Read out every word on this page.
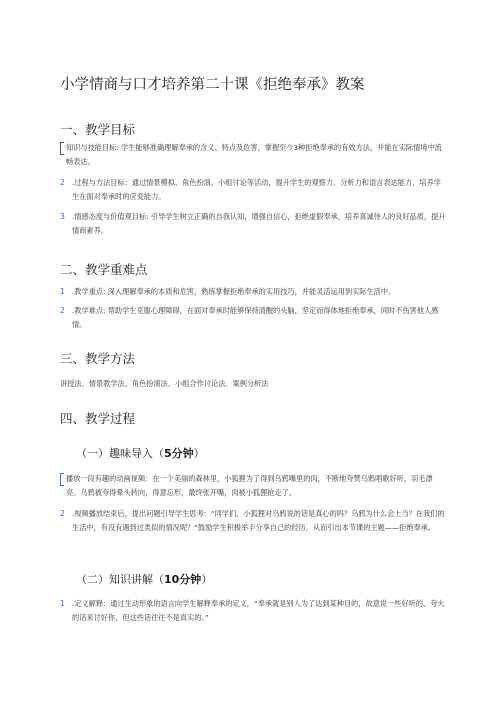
小学情商与口才培养第二十课《拒绝奉承》教案
一、教学目标
知识与技能目标: 学生能够准确理解奉承的含义、特点及危害，掌握至少3种拒绝奉承的有效方法，并能在实际情境中流畅表达。
2 .过程与方法目标：通过情景模拟、角色扮演、小组讨论等活动，提升学生的观察力、分析力和语言表达能力，培养学生在面对奉承时的应变能力。
3 .情感态度与价值观目标: 引导学生树立正确的自我认知，增强自信心，拒绝虚假奉承，培养真诚待人的良好品质，提升情商素养。
二、教学重难点
1 .教学重点: 深入理解奉承的本质和危害，熟练掌握拒绝奉承的实用技巧，并能灵活运用到实际生活中。
2 .教学难点: 帮助学生克服心理障碍，在面对奉承时能够保持清醒的头脑，坚定而得体地拒绝奉承，同时不伤害他人感情。
三、教学方法
讲授法、情景教学法、角色扮演法、小组合作讨论法、案例分析法
四、教学过程
（一）趣味导入（5分钟）
播放一段有趣的动画视频：在一个美丽的森林里，小狐狸为了得到乌鸦嘴里的肉，不断地夸赞乌鸦唱歌好听，羽毛漂亮。乌鸦被夸得晕头转向，得意忘形，最终张开嘴，肉被小狐狸抢走了。
2 .视频播放结束后，提出问题引导学生思考：“同学们，小狐狸对乌鸦说的话是真心的吗？乌鸦为什么会上当？在我们的生活中，有没有遇到过类似的情况呢？”鼓励学生积极举手分享自己的经历，从而引出本节课的主题——拒绝奉承。
（二）知识讲解（10分钟）
1 .定义解释：通过生动形象的语言向学生解释奉承的定义，“奉承就是别人为了达到某种目的，故意说一些好听的、夸大的话来讨好你，但这些话往往不是真实的。”
